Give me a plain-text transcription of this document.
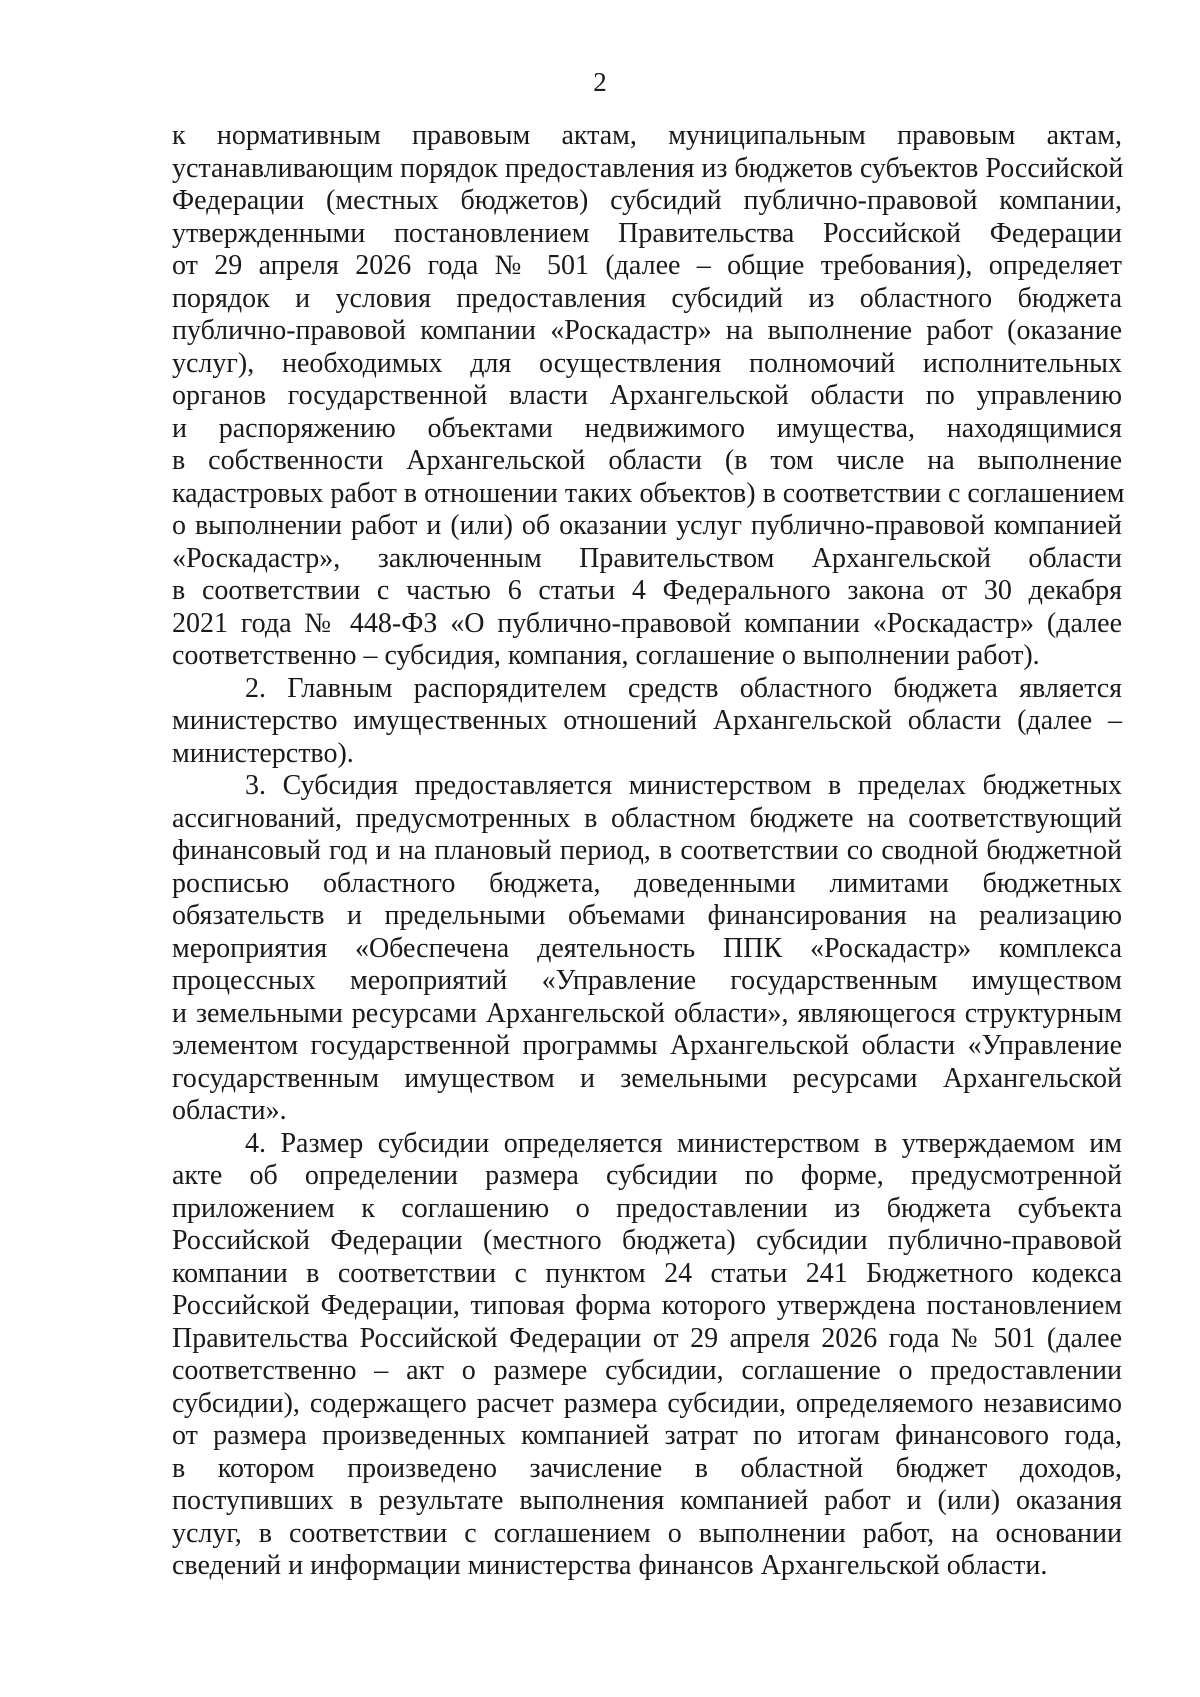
2
к нормативным правовым актам, муниципальным правовым актам,
устанавливающим порядок предоставления из бюджетов субъектов Российской
Федерации (местных бюджетов) субсидий публично-правовой компании,
утвержденными постановлением Правительства Российской Федерации
от 29 апреля 2026 года № 501 (далее – общие требования), определяет
порядок и условия предоставления субсидий из областного бюджета
публично-правовой компании «Роскадастр» на выполнение работ (оказание
услуг), необходимых для осуществления полномочий исполнительных
органов государственной власти Архангельской области по управлению
и распоряжению объектами недвижимого имущества, находящимися
в собственности Архангельской области (в том числе на выполнение
кадастровых работ в отношении таких объектов) в соответствии с соглашением
о выполнении работ и (или) об оказании услуг публично-правовой компанией
«Роскадастр», заключенным Правительством Архангельской области
в соответствии с частью 6 статьи 4 Федерального закона от 30 декабря
2021 года № 448-ФЗ «О публично-правовой компании «Роскадастр» (далее
соответственно – субсидия, компания, соглашение о выполнении работ).
2. Главным распорядителем средств областного бюджета является
министерство имущественных отношений Архангельской области (далее –
министерство).
3. Субсидия предоставляется министерством в пределах бюджетных
ассигнований, предусмотренных в областном бюджете на соответствующий
финансовый год и на плановый период, в соответствии со сводной бюджетной
росписью областного бюджета, доведенными лимитами бюджетных
обязательств и предельными объемами финансирования на реализацию
мероприятия «Обеспечена деятельность ППК «Роскадастр» комплекса
процессных мероприятий «Управление государственным имуществом
и земельными ресурсами Архангельской области», являющегося структурным
элементом государственной программы Архангельской области «Управление
государственным имуществом и земельными ресурсами Архангельской
области».
4. Размер субсидии определяется министерством в утверждаемом им
акте об определении размера субсидии по форме, предусмотренной
приложением к соглашению о предоставлении из бюджета субъекта
Российской Федерации (местного бюджета) субсидии публично-правовой
компании в соответствии с пунктом 24 статьи 241 Бюджетного кодекса
Российской Федерации, типовая форма которого утверждена постановлением
Правительства Российской Федерации от 29 апреля 2026 года № 501 (далее
соответственно – акт о размере субсидии, соглашение о предоставлении
субсидии), содержащего расчет размера субсидии, определяемого независимо
от размера произведенных компанией затрат по итогам финансового года,
в котором произведено зачисление в областной бюджет доходов,
поступивших в результате выполнения компанией работ и (или) оказания
услуг, в соответствии с соглашением о выполнении работ, на основании
сведений и информации министерства финансов Архангельской области.
